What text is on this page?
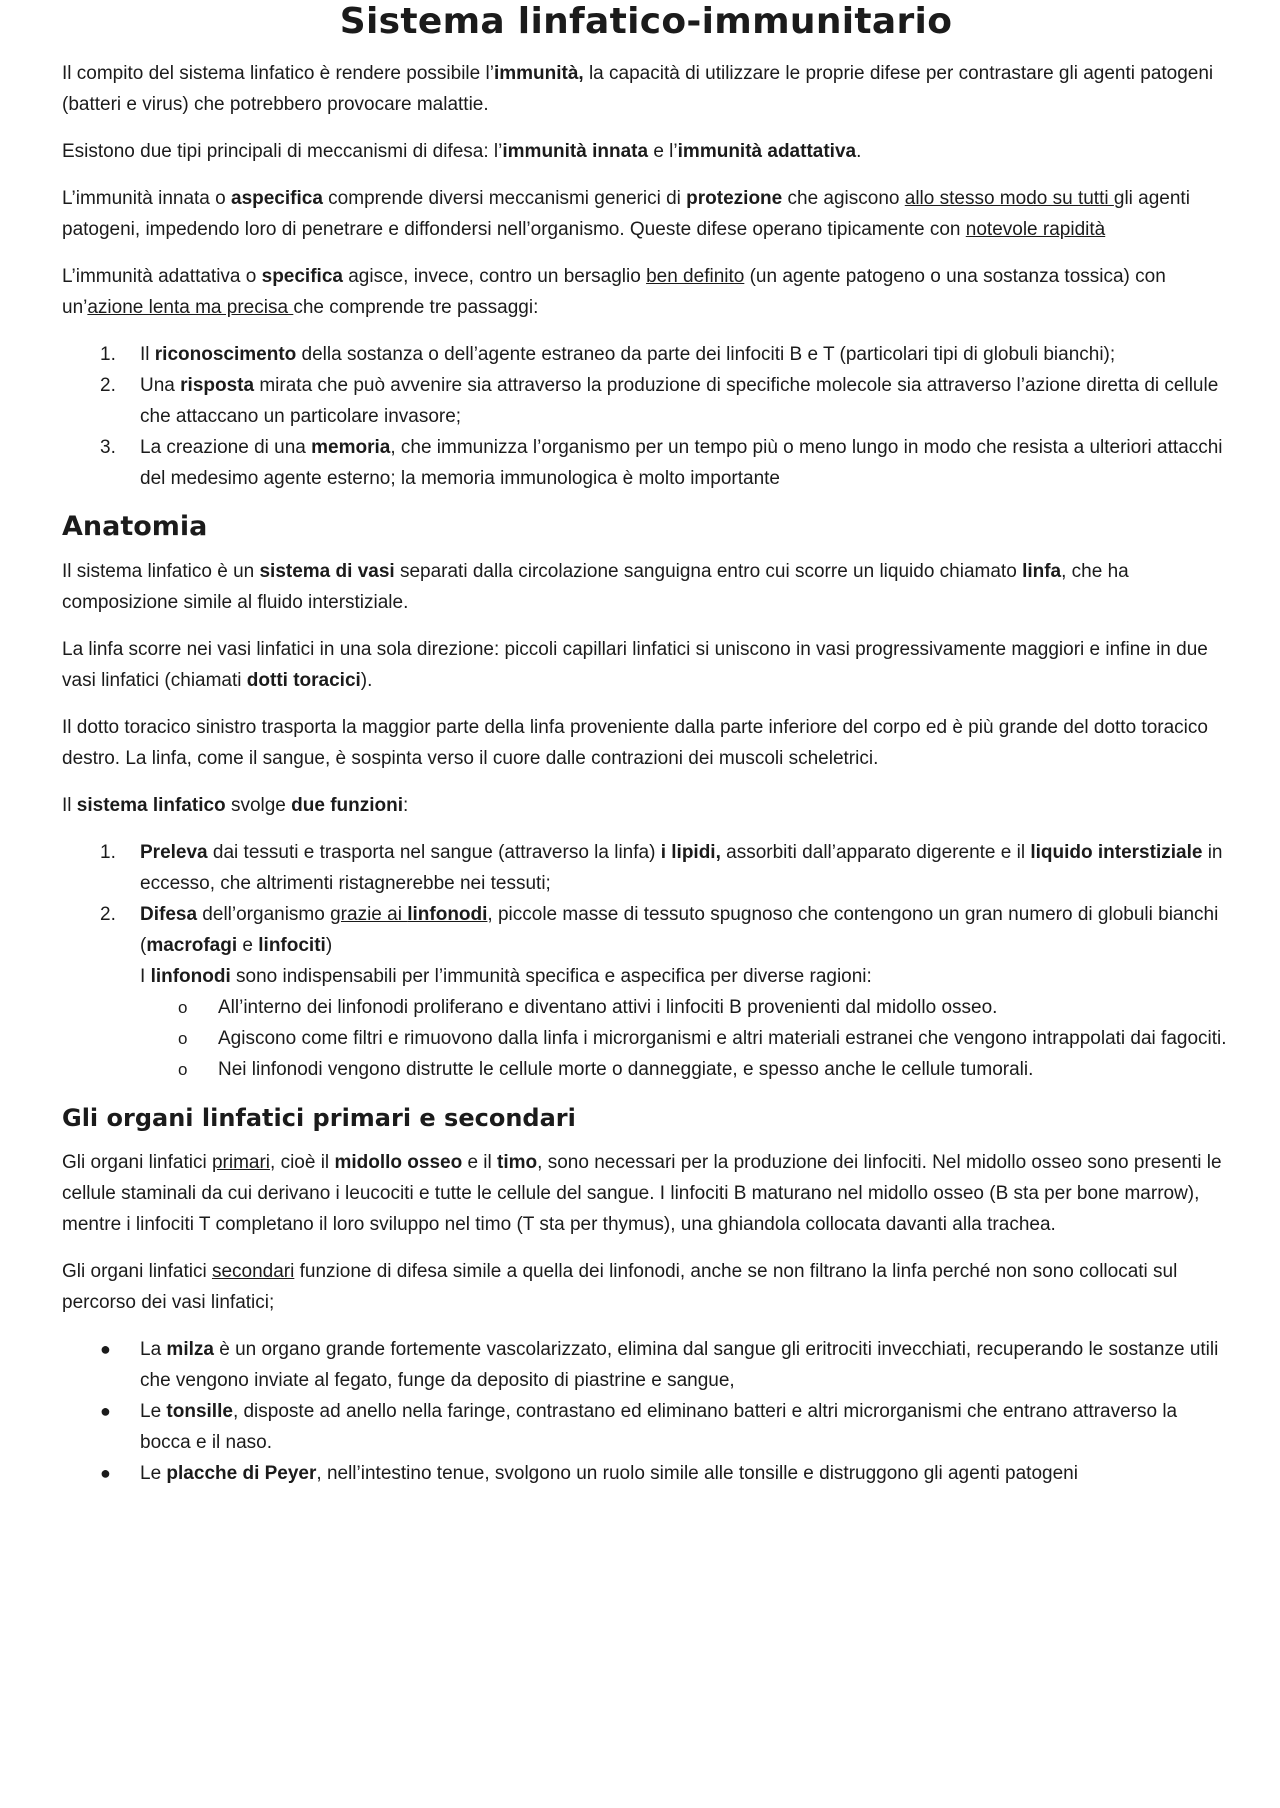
Sistema linfatico-immunitario

Il compito del sistema linfatico è rendere possibile l’immunità, la capacità di utilizzare le proprie difese per contrastare gli agenti patogeni (batteri e virus) che potrebbero provocare malattie.

Esistono due tipi principali di meccanismi di difesa: l’immunità innata e l’immunità adattativa.

L’immunità innata o aspecifica comprende diversi meccanismi generici di protezione che agiscono allo stesso modo su tutti gli agenti patogeni, impedendo loro di penetrare e diffondersi nell’organismo. Queste difese operano tipicamente con notevole rapidità

L’immunità adattativa o specifica agisce, invece, contro un bersaglio ben definito (un agente patogeno o una sostanza tossica) con un’azione lenta ma precisa che comprende tre passaggi:

1. Il riconoscimento della sostanza o dell’agente estraneo da parte dei linfociti B e T (particolari tipi di globuli bianchi);
2. Una risposta mirata che può avvenire sia attraverso la produzione di specifiche molecole sia attraverso l’azione diretta di cellule che attaccano un particolare invasore;
3. La creazione di una memoria, che immunizza l’organismo per un tempo più o meno lungo in modo che resista a ulteriori attacchi del medesimo agente esterno; la memoria immunologica è molto importante
Anatomia

Il sistema linfatico è un sistema di vasi separati dalla circolazione sanguigna entro cui scorre un liquido chiamato linfa, che ha composizione simile al fluido interstiziale.

La linfa scorre nei vasi linfatici in una sola direzione: piccoli capillari linfatici si uniscono in vasi progressivamente maggiori e infine in due vasi linfatici (chiamati dotti toracici).

Il dotto toracico sinistro trasporta la maggior parte della linfa proveniente dalla parte inferiore del corpo ed è più grande del dotto toracico destro. La linfa, come il sangue, è sospinta verso il cuore dalle contrazioni dei muscoli scheletrici.

Il sistema linfatico svolge due funzioni:

1. Preleva dai tessuti e trasporta nel sangue (attraverso la linfa) i lipidi, assorbiti dall’apparato digerente e il liquido interstiziale in eccesso, che altrimenti ristagnerebbe nei tessuti;
2. Difesa dell’organismo grazie ai linfonodi, piccole masse di tessuto spugnoso che contengono un gran numero di globuli bianchi (macrofagi e linfociti)
I linfonodi sono indispensabili per l’immunità specifica e aspecifica per diverse ragioni:
o All’interno dei linfonodi proliferano e diventano attivi i linfociti B provenienti dal midollo osseo.
o Agiscono come filtri e rimuovono dalla linfa i microrganismi e altri materiali estranei che vengono intrappolati dai fagociti.
o Nei linfonodi vengono distrutte le cellule morte o danneggiate, e spesso anche le cellule tumorali.
Gli organi linfatici primari e secondari

Gli organi linfatici primari, cioè il midollo osseo e il timo, sono necessari per la produzione dei linfociti. Nel midollo osseo sono presenti le cellule staminali da cui derivano i leucociti e tutte le cellule del sangue. I linfociti B maturano nel midollo osseo (B sta per bone marrow), mentre i linfociti T completano il loro sviluppo nel timo (T sta per thymus), una ghiandola collocata davanti alla trachea.

Gli organi linfatici secondari funzione di difesa simile a quella dei linfonodi, anche se non filtrano la linfa perché non sono collocati sul percorso dei vasi linfatici;

● La milza è un organo grande fortemente vascolarizzato, elimina dal sangue gli eritrociti invecchiati, recuperando le sostanze utili che vengono inviate al fegato, funge da deposito di piastrine e sangue,
● Le tonsille, disposte ad anello nella faringe, contrastano ed eliminano batteri e altri microrganismi che entrano attraverso la bocca e il naso.
● Le placche di Peyer, nell’intestino tenue, svolgono un ruolo simile alle tonsille e distruggono gli agenti patogeni
